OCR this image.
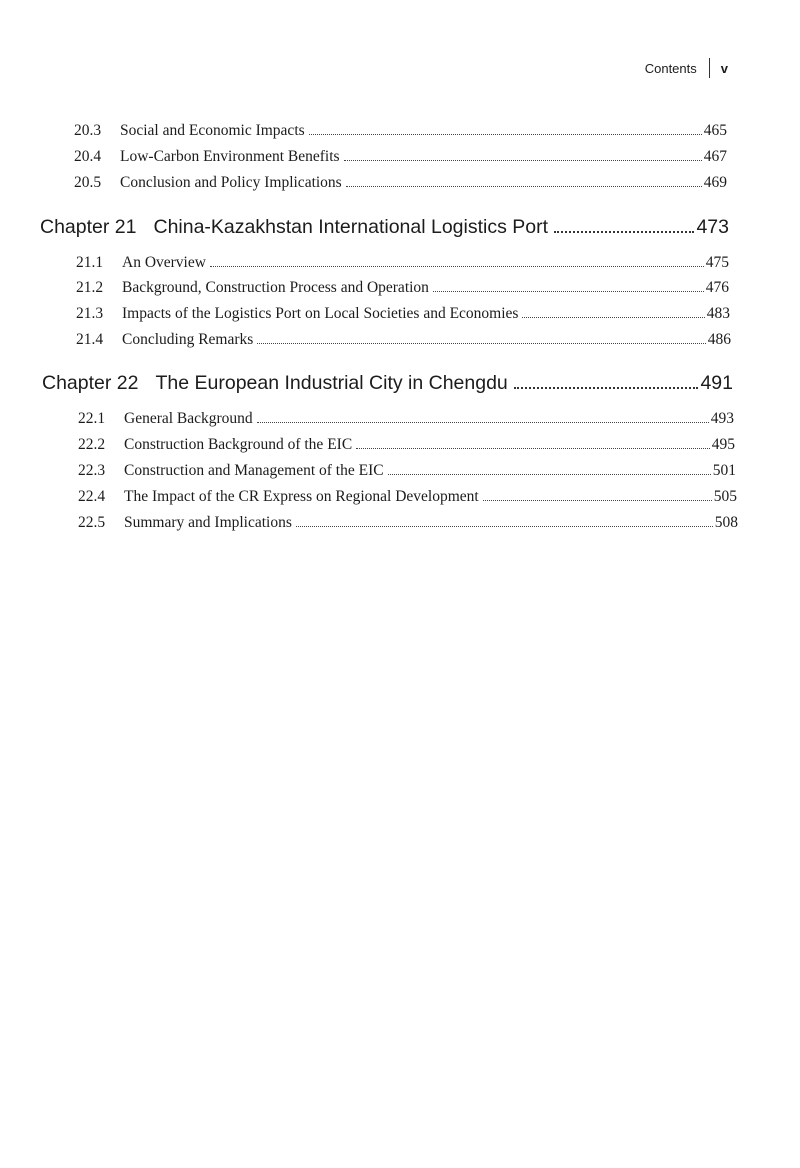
Contents v
20.3	Social and Economic Impacts	465
20.4	Low-Carbon Environment Benefits	467
20.5	Conclusion and Policy Implications	469
Chapter 21 China-Kazakhstan International Logistics Port	473
21.1	An Overview	475
21.2	Background, Construction Process and Operation	476
21.3	Impacts of the Logistics Port on Local Societies and Economies	483
21.4	Concluding Remarks	486
Chapter 22 The European Industrial City in Chengdu	491
22.1	General Background	493
22.2	Construction Background of the EIC	495
22.3	Construction and Management of the EIC	501
22.4	The Impact of the CR Express on Regional Development	505
22.5	Summary and Implications	508
